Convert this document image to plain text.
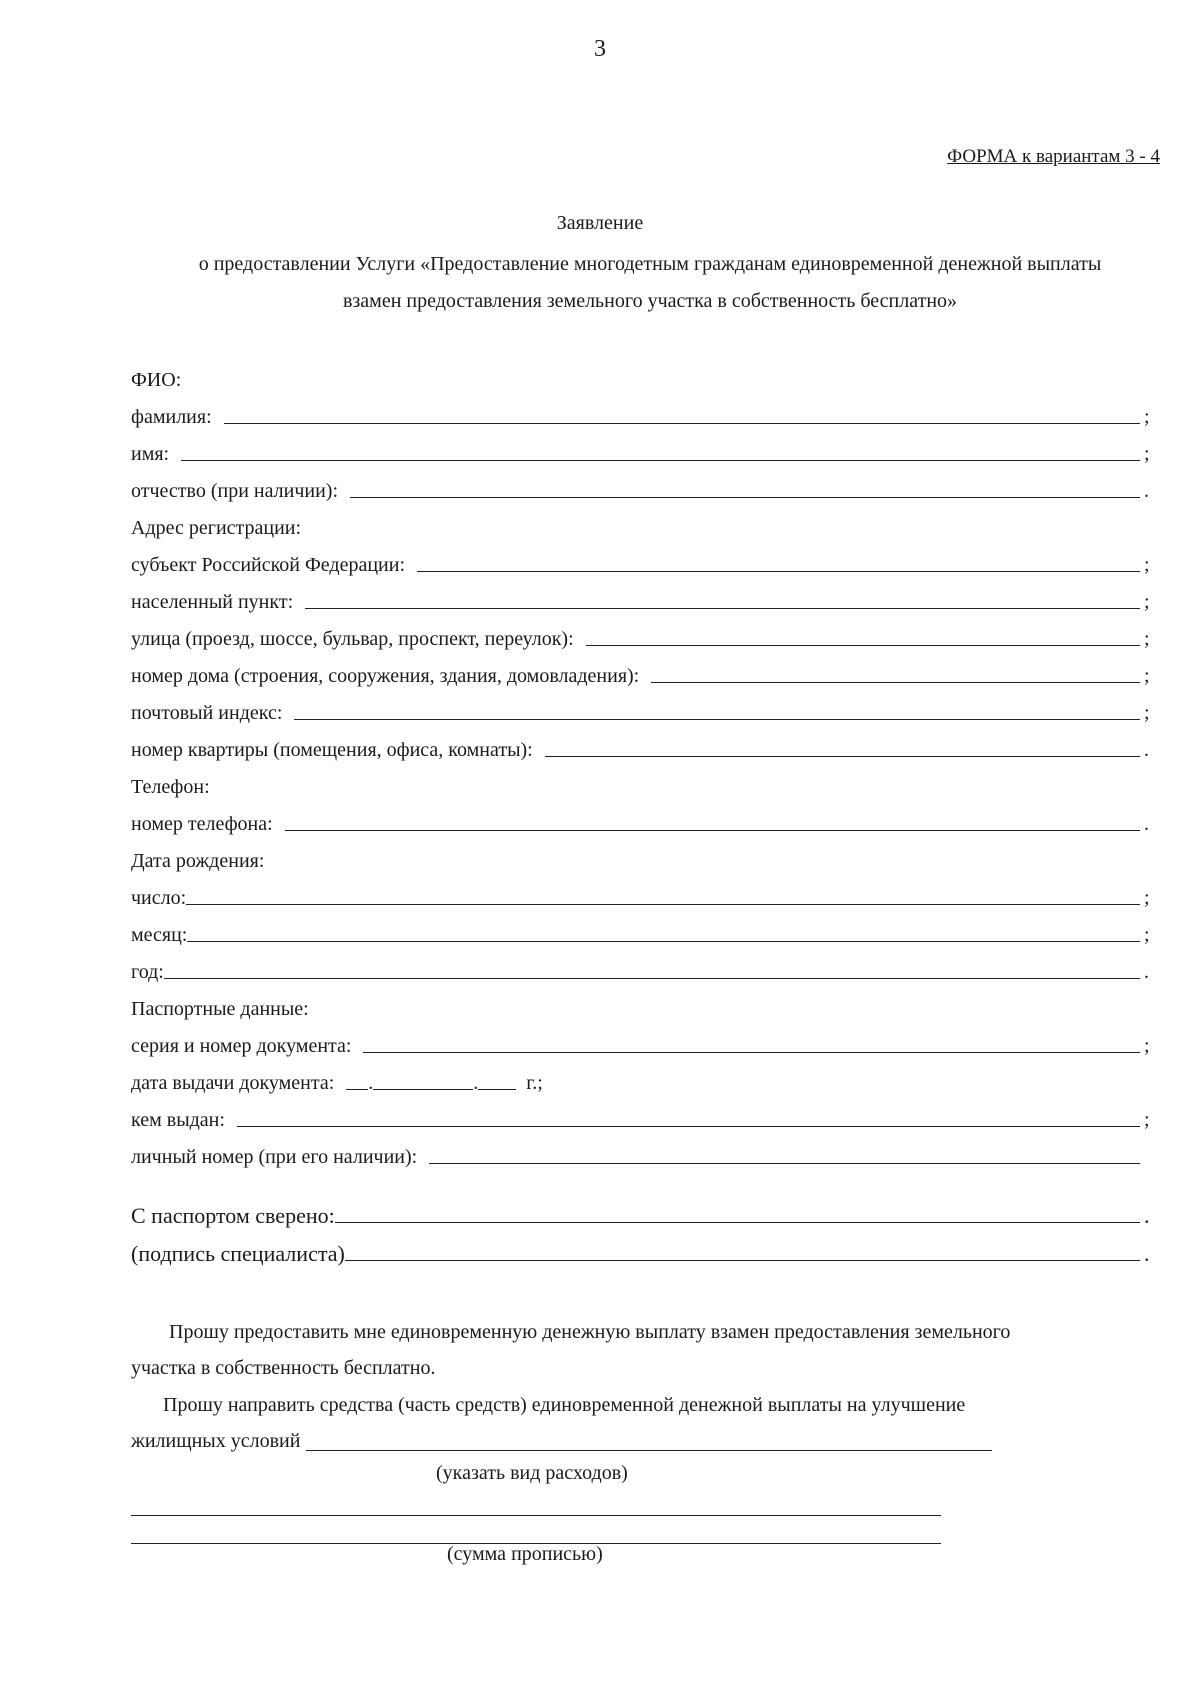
3
ФОРМА к вариантам 3 - 4
Заявление
о предоставлении Услуги «Предоставление многодетным гражданам единовременной денежной выплаты
взамен предоставления земельного участка в собственность бесплатно»
ФИО:
фамилия:	;
имя:	;
отчество (при наличии):	.
Адрес регистрации:
субъект Российской Федерации:	;
населенный пункт:	;
улица (проезд, шоссе, бульвар, проспект, переулок):	;
номер дома (строения, сооружения, здания, домовладения):	;
почтовый индекс:	;
номер квартиры (помещения, офиса, комнаты):	.
Телефон:
номер телефона:	.
Дата рождения:
число:	;
месяц:	;
год:	.
Паспортные данные:
серия и номер документа:	;
дата выдачи документа:	.	.	г.;
кем выдан:	;
личный номер (при его наличии):
С паспортом сверено:	.
(подпись специалиста)	.
Прошу предоставить мне единовременную денежную выплату взамен предоставления земельного
участка в собственность бесплатно.
Прошу направить средства (часть средств) единовременной денежной выплаты на улучшение
жилищных условий
(указать вид расходов)
(сумма прописью)
